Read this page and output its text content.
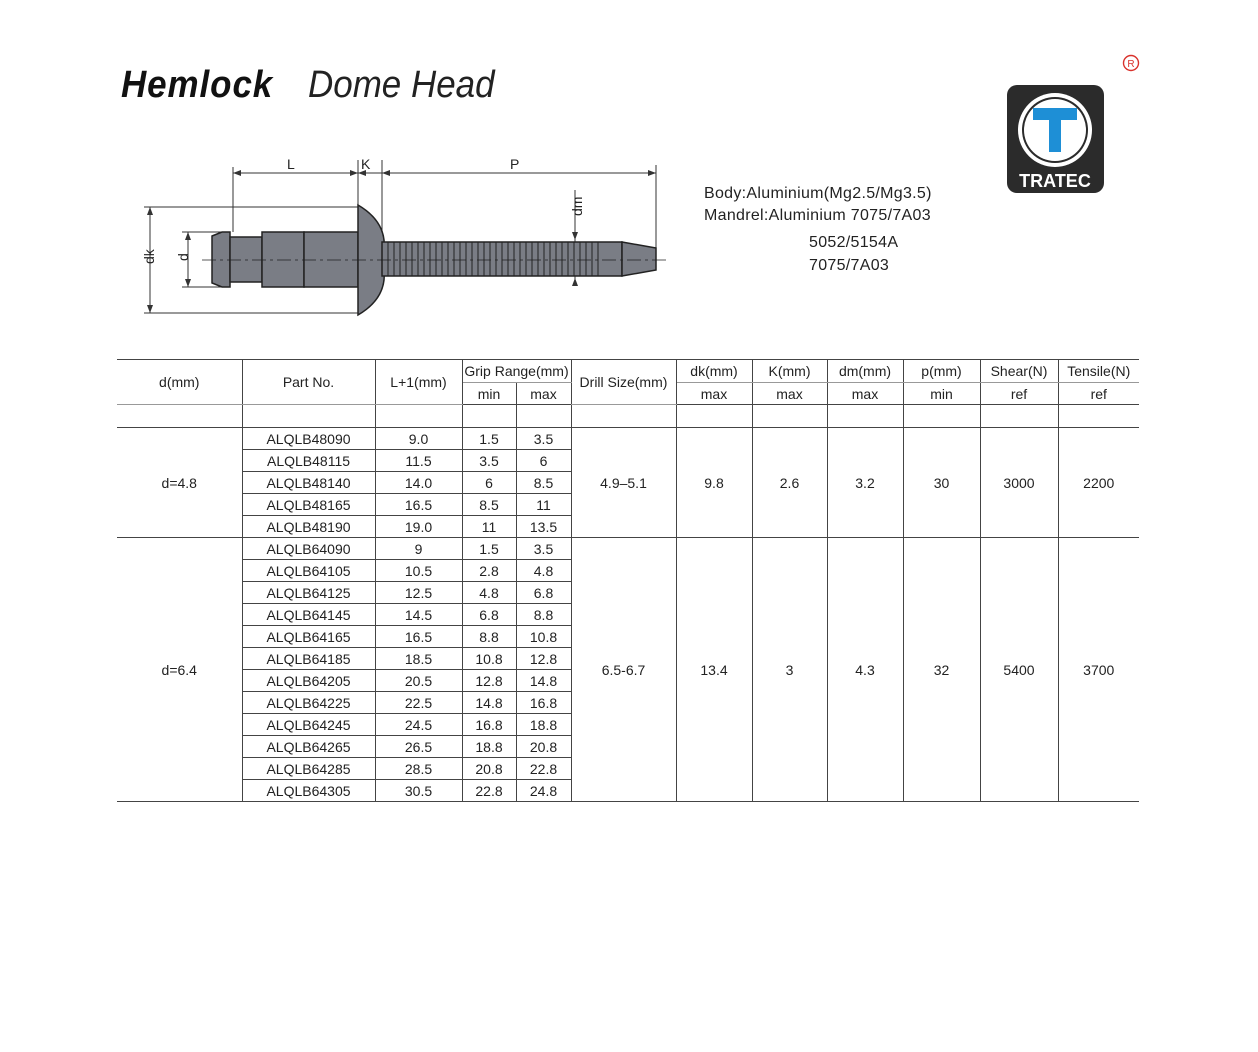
Hemlock Dome Head	R
TRATEC
L	K	P
dk d
dm
Body:Aluminium(Mg2.5/Mg3.5)
Mandrel:Aluminium 7075/7A03
5052/5154A
7075/7A03
d(mm)	Part No.	L+1(mm)	Grip Range(mm)		Drill Size(mm)	dk(mm)	K(mm)	dm(mm)	p(mm)	Shear(N)	Tensile(N)
			min	max		max	max	max	min	ref	ref

d=4.8	ALQLB48090	9.0	1.5	3.5	4.9–5.1	9.8	2.6	3.2	30	3000	2200
	ALQLB48115	11.5	3.5	6							
	ALQLB48140	14.0	6	8.5							
	ALQLB48165	16.5	8.5	11							
	ALQLB48190	19.0	11	13.5							
d=6.4	ALQLB64090	9	1.5	3.5	6.5-6.7	13.4	3	4.3	32	5400	3700
	ALQLB64105	10.5	2.8	4.8							
	ALQLB64125	12.5	4.8	6.8							
	ALQLB64145	14.5	6.8	8.8							
	ALQLB64165	16.5	8.8	10.8							
	ALQLB64185	18.5	10.8	12.8							
	ALQLB64205	20.5	12.8	14.8							
	ALQLB64225	22.5	14.8	16.8							
	ALQLB64245	24.5	16.8	18.8							
	ALQLB64265	26.5	18.8	20.8							
	ALQLB64285	28.5	20.8	22.8							
	ALQLB64305	30.5	22.8	24.8							
